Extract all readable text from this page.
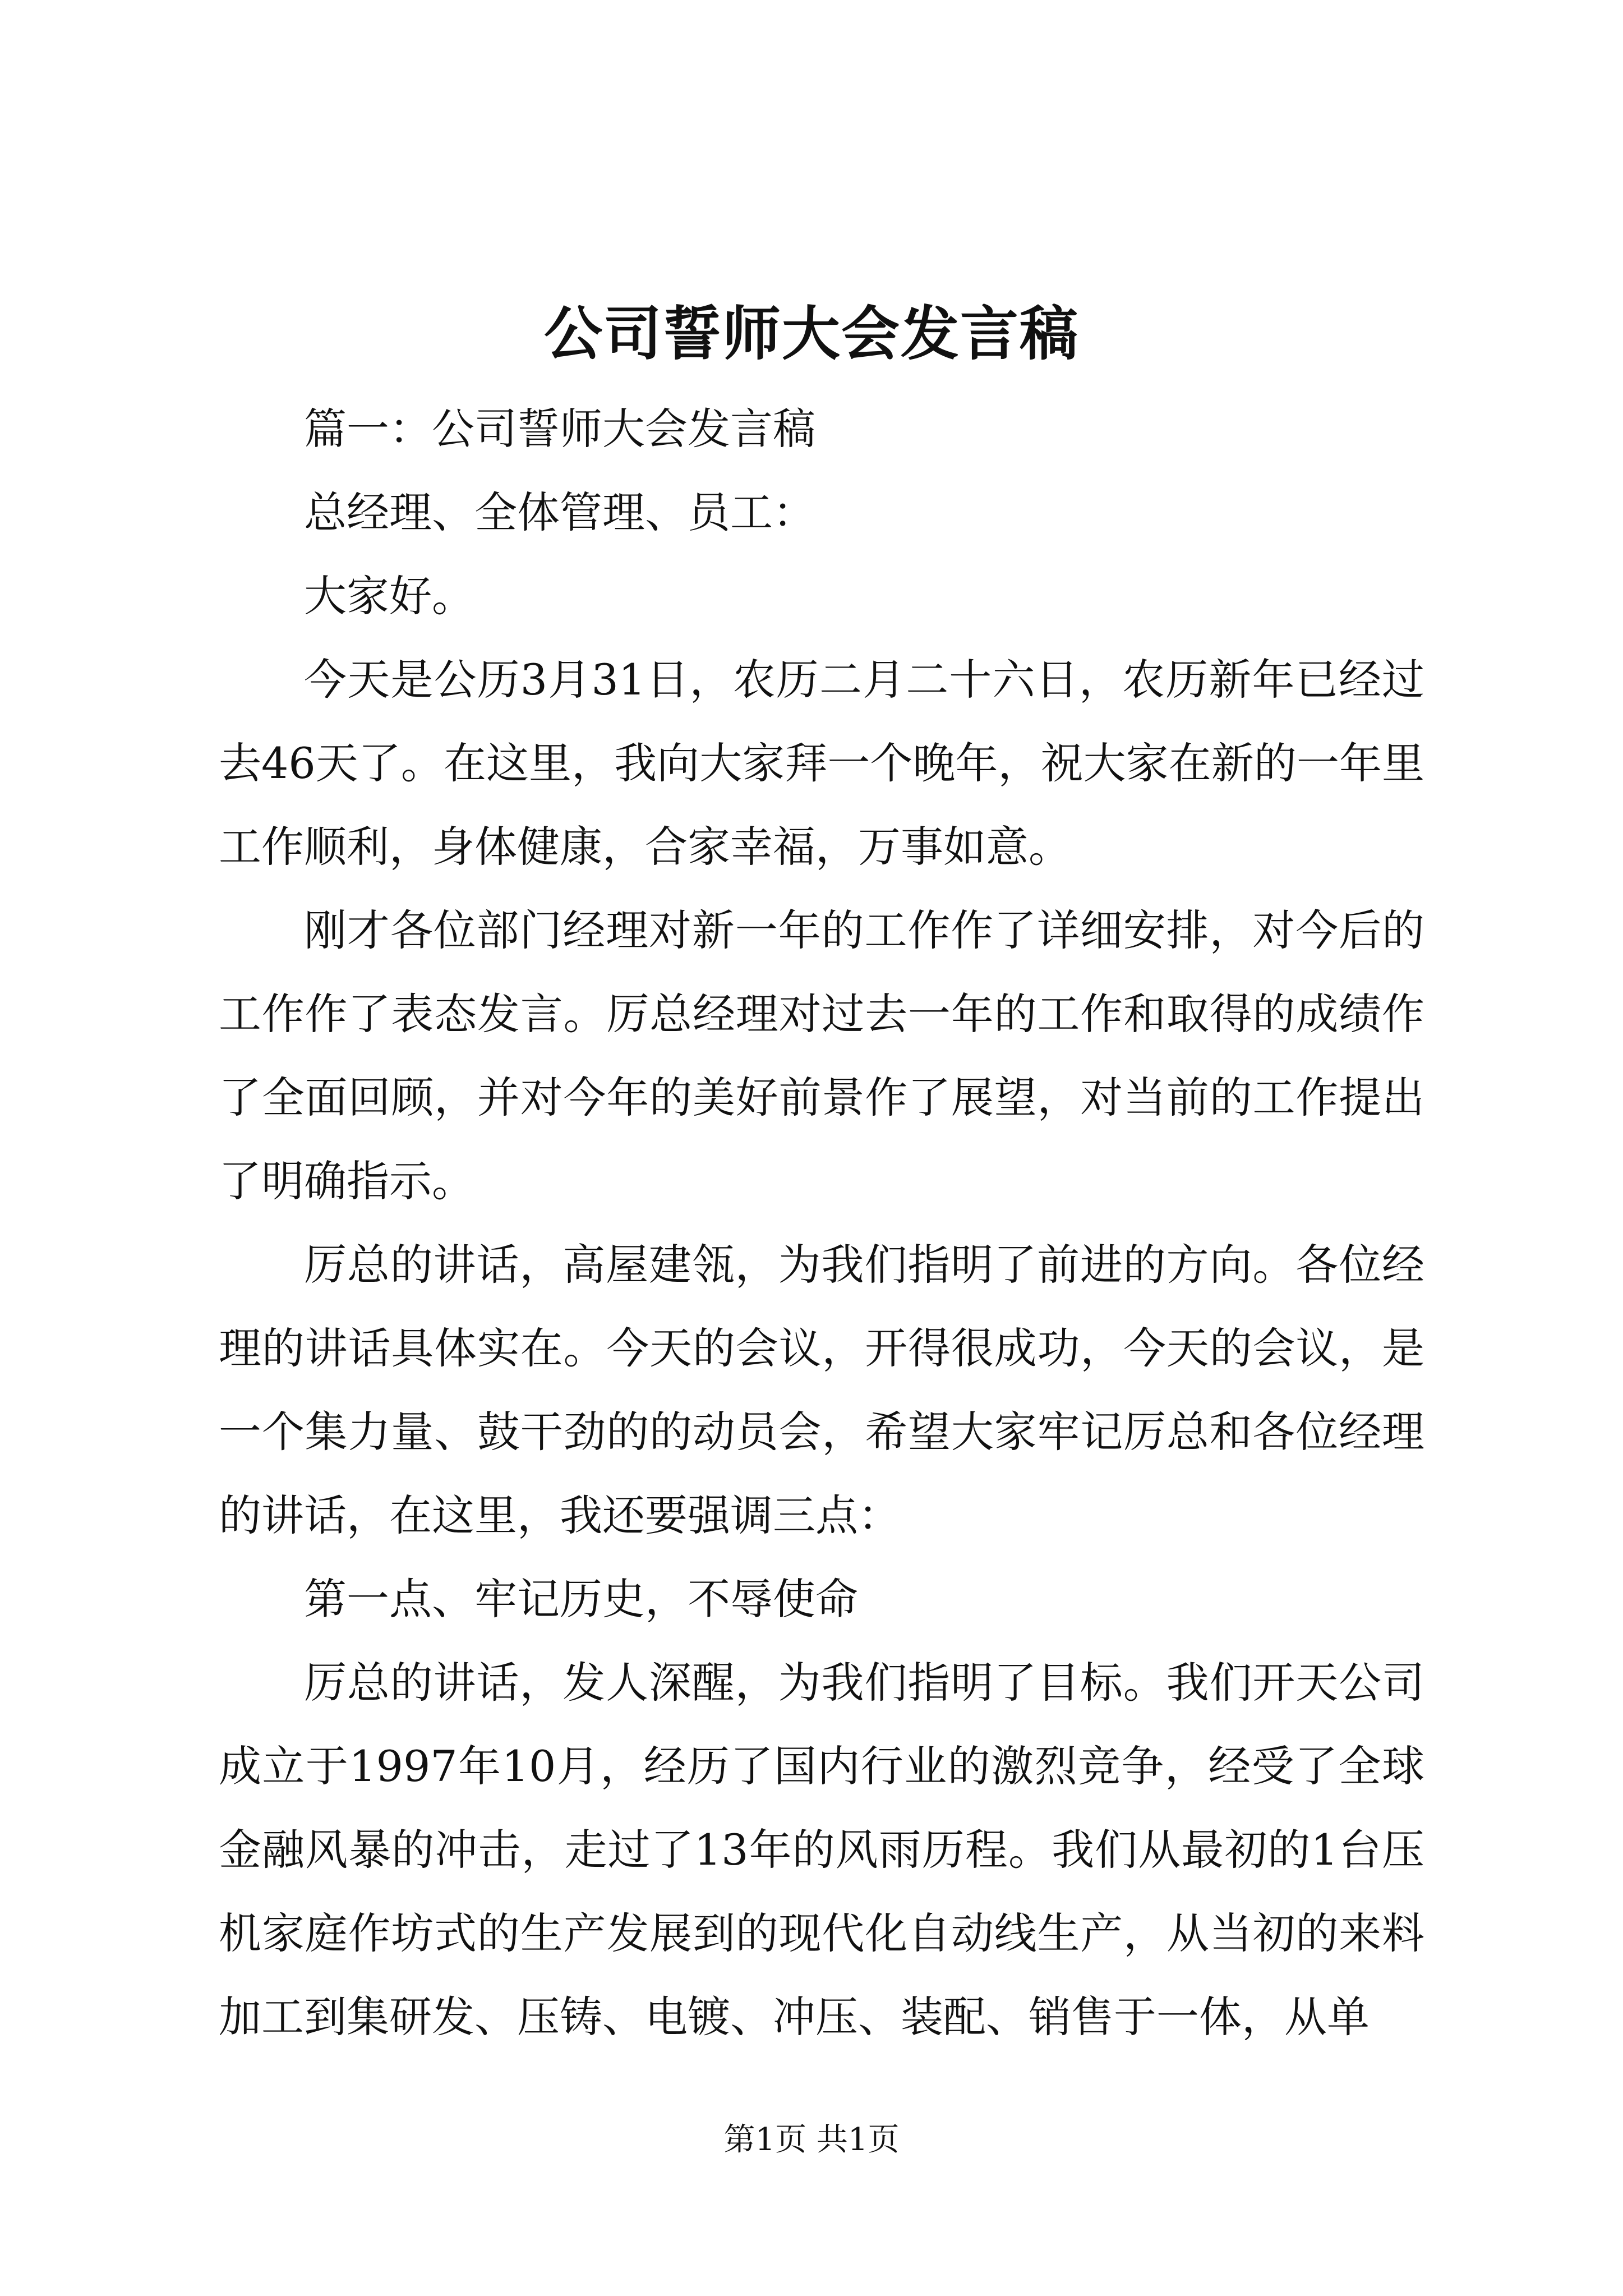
公司誓师大会发言稿

篇一：公司誓师大会发言稿

总经理、全体管理、员工：

大家好。

今天是公历3月31日，农历二月二十六日，农历新年已经过去46天了。在这里，我向大家拜一个晚年，祝大家在新的一年里工作顺利，身体健康，合家幸福，万事如意。

刚才各位部门经理对新一年的工作作了详细安排，对今后的工作作了表态发言。厉总经理对过去一年的工作和取得的成绩作了全面回顾，并对今年的美好前景作了展望，对当前的工作提出了明确指示。

厉总的讲话，高屋建瓴，为我们指明了前进的方向。各位经理的讲话具体实在。今天的会议，开得很成功，今天的会议，是一个集力量、鼓干劲的的动员会，希望大家牢记厉总和各位经理的讲话，在这里，我还要强调三点：

第一点、牢记历史，不辱使命

厉总的讲话，发人深醒，为我们指明了目标。我们开天公司成立于1997年10月，经历了国内行业的激烈竞争，经受了全球金融风暴的冲击，走过了13年的风雨历程。我们从最初的1台压机家庭作坊式的生产发展到的现代化自动线生产，从当初的来料加工到集研发、压铸、电镀、冲压、装配、销售于一体，从单

第1页 共1页
